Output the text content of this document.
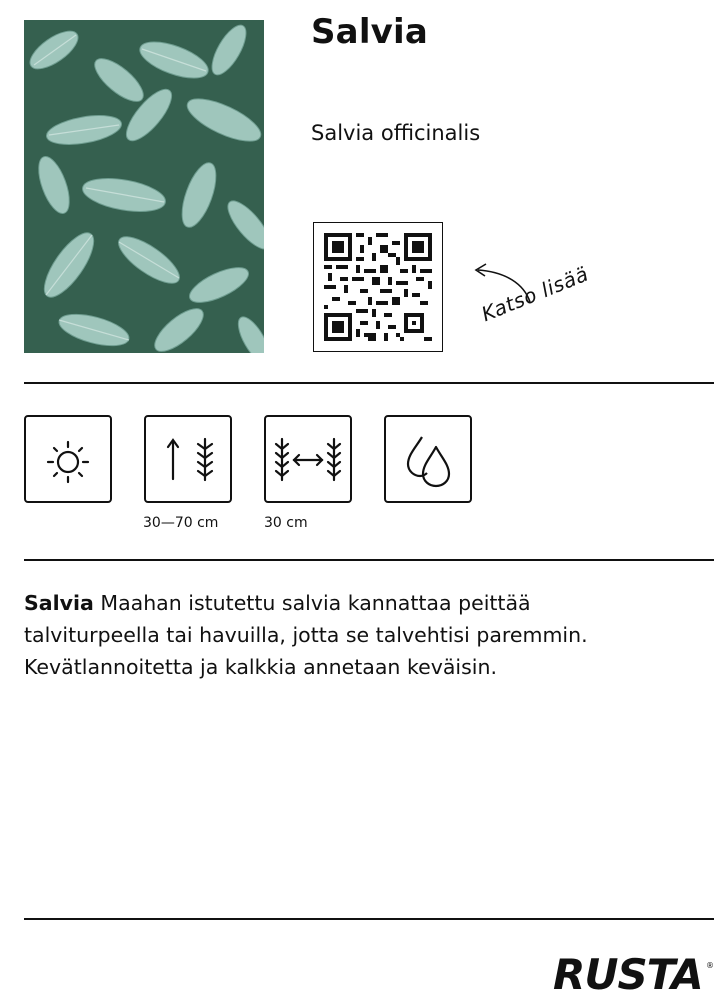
Salvia
Salvia officinalis
Katso lisää
30—70 cm	30 cm
Salvia Maahan istutettu salvia kannattaa peittää
talviturpeella tai havuilla, jotta se talvehtisi paremmin.
Kevätlannoitetta ja kalkkia annetaan keväisin.
RUSTA ®
